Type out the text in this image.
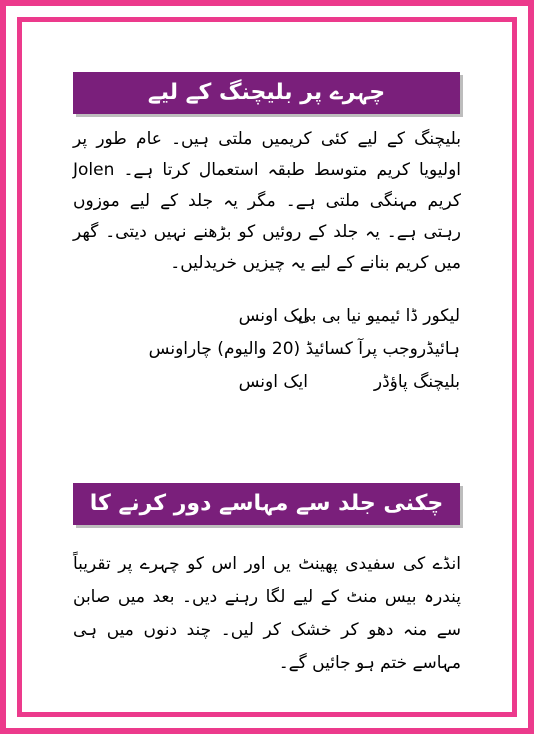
چہرے پر بلیچنگ کے لیے
بلیچنگ کے لیے کئی کریمیں ملتی ہیں۔ عام طور پر اولیویا کریم متوسط طبقہ استعمال کرتا ہے۔ Jolen کریم مہنگی ملتی ہے۔ مگر یہ جلد کے لیے موزوں رہتی ہے۔ یہ جلد کے روئیں کو بڑھنے نہیں دیتی۔ گھر میں کریم بنانے کے لیے یہ چیزیں خریدلیں۔
لیکور ڈا ئیمیو نیا بی بی
ایک اونس
ہائیڈروجب پرآ کسائیڈ (20 والیوم) چاراونس
بلیچنگ پاؤڈر
ایک اونس
چکنی جلد سے مہاسے دور کرنے کا طریقہ
انڈے کی سفیدی پھینٹ یں اور اس کو چہرے پر تقریباً پندرہ بیس منٹ کے لیے لگا رہنے دیں۔ بعد میں صابن سے منہ دھو کر خشک کر لیں۔ چند دنوں میں ہی مہاسے ختم ہو جائیں گے۔
